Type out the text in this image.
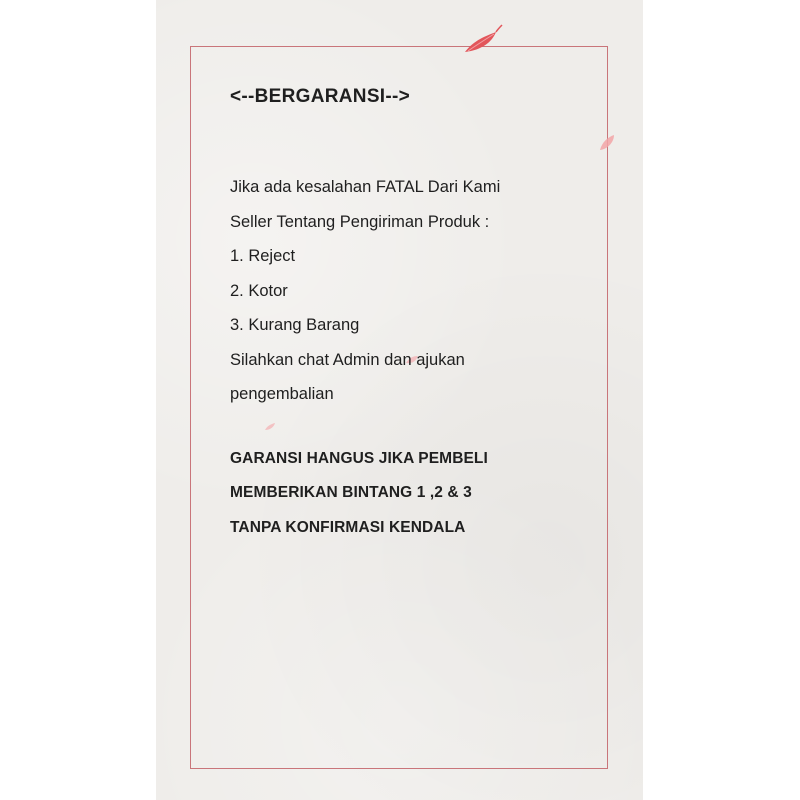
<--BERGARANSI-->
Jika ada kesalahan FATAL Dari Kami
Seller Tentang Pengiriman Produk :
1. Reject
2. Kotor
3. Kurang Barang
Silahkan chat Admin dan ajukan
pengembalian
GARANSI HANGUS JIKA PEMBELI
MEMBERIKAN BINTANG 1 ,2 & 3
TANPA KONFIRMASI KENDALA
